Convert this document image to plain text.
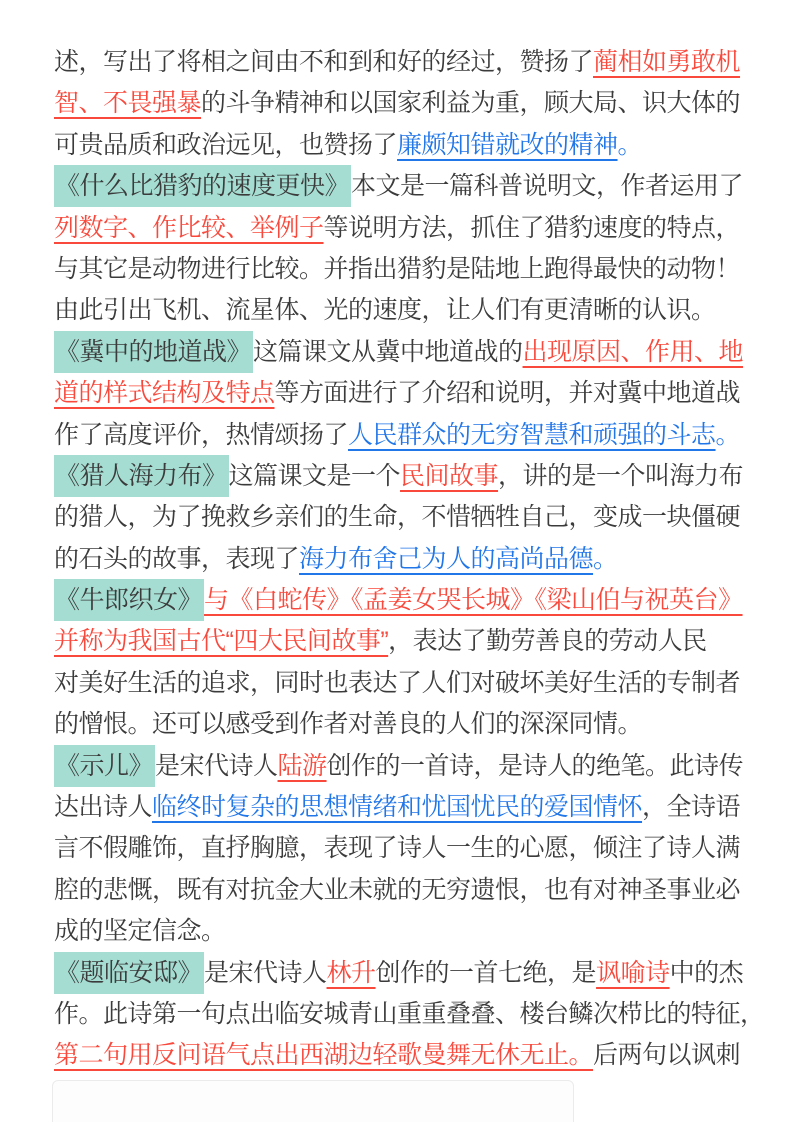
述，写出了将相之间由不和到和好的经过，赞扬了蔺相如勇敢机
智、不畏强暴的斗争精神和以国家利益为重，顾大局、识大体的
可贵品质和政治远见，也赞扬了廉颇知错就改的精神。
《什么比猎豹的速度更快》本文是一篇科普说明文，作者运用了
列数字、作比较、举例子等说明方法，抓住了猎豹速度的特点，
与其它是动物进行比较。并指出猎豹是陆地上跑得最快的动物！
由此引出飞机、流星体、光的速度，让人们有更清晰的认识。
《冀中的地道战》这篇课文从冀中地道战的出现原因、作用、地
道的样式结构及特点等方面进行了介绍和说明，并对冀中地道战
作了高度评价，热情颂扬了人民群众的无穷智慧和顽强的斗志。
《猎人海力布》这篇课文是一个民间故事，讲的是一个叫海力布
的猎人，为了挽救乡亲们的生命，不惜牺牲自己，变成一块僵硬
的石头的故事，表现了海力布舍己为人的高尚品德。
《牛郎织女》与《白蛇传》《孟姜女哭长城》《梁山伯与祝英台》
并称为我国古代“四大民间故事”，表达了勤劳善良的劳动人民
对美好生活的追求，同时也表达了人们对破坏美好生活的专制者
的憎恨。还可以感受到作者对善良的人们的深深同情。
《示儿》是宋代诗人陆游创作的一首诗，是诗人的绝笔。此诗传
达出诗人临终时复杂的思想情绪和忧国忧民的爱国情怀，全诗语
言不假雕饰，直抒胸臆，表现了诗人一生的心愿，倾注了诗人满
腔的悲慨，既有对抗金大业未就的无穷遗恨，也有对神圣事业必
成的坚定信念。
《题临安邸》是宋代诗人林升创作的一首七绝，是讽喻诗中的杰
作。此诗第一句点出临安城青山重重叠叠、楼台鳞次栉比的特征，
第二句用反问语气点出西湖边轻歌曼舞无休无止。后两句以讽刺
